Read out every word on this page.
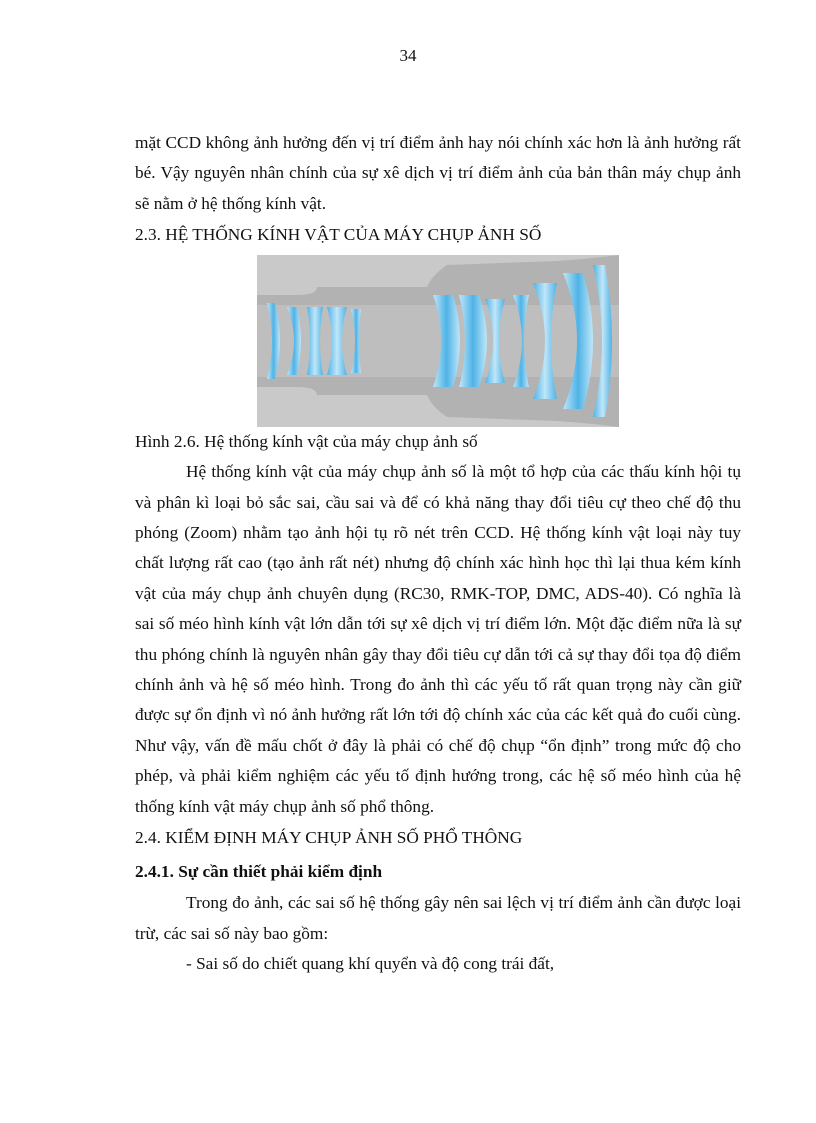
34

mặt CCD không ảnh hưởng đến vị trí điểm ảnh hay nói chính xác hơn là ảnh hưởng rất bé. Vậy nguyên nhân chính của sự xê dịch vị trí điểm ảnh của bản thân máy chụp ảnh sẽ nằm ở hệ thống kính vật.

2.3. HỆ THỐNG KÍNH VẬT CỦA MÁY CHỤP ẢNH SỐ

Hình 2.6. Hệ thống kính vật của máy chụp ảnh số

Hệ thống kính vật của máy chụp ảnh số là một tổ hợp của các thấu kính hội tụ và phân kì loại bỏ sắc sai, cầu sai và để có khả năng thay đổi tiêu cự theo chế độ thu phóng (Zoom) nhằm tạo ảnh hội tụ rõ nét trên CCD. Hệ thống kính vật loại này tuy chất lượng rất cao (tạo ảnh rất nét) nhưng độ chính xác hình học thì lại thua kém kính vật của máy chụp ảnh chuyên dụng (RC30, RMK-TOP, DMC, ADS-40). Có nghĩa là sai số méo hình kính vật lớn dẫn tới sự xê dịch vị trí điểm lớn. Một đặc điểm nữa là sự thu phóng chính là nguyên nhân gây thay đổi tiêu cự dẫn tới cả sự thay đổi tọa độ điểm chính ảnh và hệ số méo hình. Trong đo ảnh thì các yếu tố rất quan trọng này cần giữ được sự ổn định vì nó ảnh hưởng rất lớn tới độ chính xác của các kết quả đo cuối cùng. Như vậy, vấn đề mấu chốt ở đây là phải có chế độ chụp “ổn định” trong mức độ cho phép, và phải kiểm nghiệm các yếu tố định hướng trong, các hệ số méo hình của hệ thống kính vật máy chụp ảnh số phổ thông.

2.4. KIỂM ĐỊNH MÁY CHỤP ẢNH SỐ PHỔ THÔNG
2.4.1. Sự cần thiết phải kiểm định

Trong đo ảnh, các sai số hệ thống gây nên sai lệch vị trí điểm ảnh cần được loại trừ, các sai số này bao gồm:

- Sai số do chiết quang khí quyển và độ cong trái đất,
